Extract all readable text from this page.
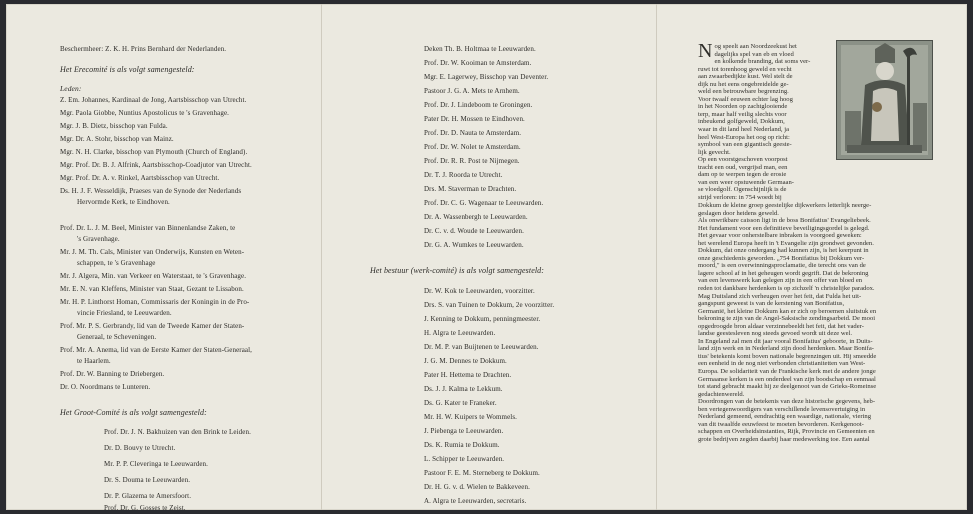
Beschermheer: Z. K. H. Prins Bernhard der Nederlanden.
Het Erecomité is als volgt samengesteld:
Leden:
Z. Em. Johannes, Kardinaal de Jong, Aartsbisschop van Utrecht.
Mgr. Paola Giobbe, Nuntius Apostolicus te 's Gravenhage.
Mgr. J. B. Dietz, bisschop van Fulda.
Mgr. Dr. A. Stohr, bisschop van Mainz.
Mgr. N. H. Clarke, bisschop van Plymouth (Church of England).
Mgr. Prof. Dr. B. J. Alfrink, Aartsbisschop-Coadjutor van Utrecht.
Mgr. Prof. Dr. A. v. Rinkel, Aartsbisschop van Utrecht.
Ds. H. J. F. Wesseldijk, Praeses van de Synode der Nederlands
Hervormde Kerk, te Eindhoven.
Prof. Dr. L. J. M. Beel, Minister van Binnenlandse Zaken, te
's Gravenhage.
Mr. J. M. Th. Cals, Minister van Onderwijs, Kunsten en Weten-
schappen, te 's Gravenhage
Mr. J. Algera, Min. van Verkeer en Waterstaat, te 's Gravenhage.
Mr. E. N. van Kleffens, Minister van Staat, Gezant te Lissabon.
Mr. H. P. Linthorst Homan, Commissaris der Koningin in de Pro-
vincie Friesland, te Leeuwarden.
Prof. Mr. P. S. Gerbrandy, lid van de Tweede Kamer der Staten-
Generaal, te Scheveningen.
Prof. Mr. A. Anema, lid van de Eerste Kamer der Staten-Generaal,
te Haarlem.
Prof. Dr. W. Banning te Driebergen.
Dr. O. Noordmans te Lunteren.
Het Groot-Comité is als volgt samengesteld:
Prof. Dr. J. N. Bakhuizen van den Brink te Leiden.
Dr. D. Bouvy te Utrecht.
Mr. P. P. Cleveringa te Leeuwarden.
Dr. S. Douma te Leeuwarden.
Dr. P. Glazema te Amersfoort.
Prof. Dr. G. Gosses te Zeist.
Deken Th. B. Holtmaa te Leeuwarden.
Prof. Dr. W. Kooiman te Amsterdam.
Mgr. E. Lagerwey, Bisschop van Deventer.
Pastoor J. G. A. Mets te Arnhem.
Prof. Dr. J. Lindeboom te Groningen.
Pater Dr. H. Mossen te Eindhoven.
Prof. Dr. D. Nauta te Amsterdam.
Prof. Dr. W. Nolet te Amsterdam.
Prof. Dr. R. R. Post te Nijmegen.
Dr. T. J. Roorda te Utrecht.
Drs. M. Staverman te Drachten.
Prof. Dr. C. G. Wagenaar te Leeuwarden.
Dr. A. Wassenbergh te Leeuwarden.
Dr. C. v. d. Woude te Leeuwarden.
Dr. G. A. Wumkes te Leeuwarden.
Het bestuur (werk-comité) is als volgt samengesteld:
Dr. W. Kok te Leeuwarden, voorzitter.
Drs. S. van Tuinen te Dokkum, 2e voorzitter.
J. Kenning te Dokkum, penningmeester.
H. Algra te Leeuwarden.
Dr. M. P. van Buijtenen te Leeuwarden.
J. G. M. Dennes te Dokkum.
Pater H. Hettema te Drachten.
Ds. J. J. Kalma te Lekkum.
Ds. G. Kater te Franeker.
Mr. H. W. Kuipers te Wommels.
J. Piebenga te Leeuwarden.
Ds. K. Rumia te Dokkum.
L. Schipper te Leeuwarden.
Pastoor F. E. M. Sterneberg te Dokkum.
Dr. H. G. v. d. Wielen te Bakkeveen.
A. Algra te Leeuwarden, secretaris.
N og speelt aan Noordzeekust het
dagelijks spel van eb en vloed
en kolkende branding, dat soms ver-
ruwt tot torenhoog geweld en vecht
aan zwaarbedijkte kust. Wel stelt de
dijk nu het eens ongebreidelde ge-
weld een betrouwbare begrenzing.
Voor twaalf eeuwen echter lag hoog
in het Noorden op zachtglooiende
terp, maar half veilig slechts voor
inbeukend golfgeweld, Dokkum,
waar in dit land heel Nederland, ja
heel West-Europa het oog op richt:
symbool van een gigantisch geeste-
lijk gevecht.
Op een voorstgeschoven voorpost
tracht een oud, vergrijsd man, een
dam op te werpen tegen de erosie
van een weer opstuwende Germaan-
se vloedgolf. Ogenschijnlijk is de
strijd verloren: in 754 woedt bij
Dokkum de kleine groep geestelijke dijkwerkers letterlijk neerge-
geslagen door heidens geweld.
Als onwrikbare caisson ligt in de boss Bonifatius' Evangeliebeek.
Het fundament voor een definitieve beveiligingsgordel is gelegd.
Het gevaar voor onherstelbare inbraken is voorgoed geweken:
het werelend Europa heeft in 't Evangelie zijn grondwet gevonden.
Dokkum, dat onze ondergang had kunnen zijn, is het keerpunt in
onze geschiedenis geworden. „754 Bonifatius bij Dokkum ver-
moord," is een overwinningsproclamatie, die terecht ons van de
lagere school af in het geheugen wordt gegrift. Dat de bekroning
van een levenswerk kan gelegen zijn in een offer van bloed en
reden tot dankbare herdenken is op zichzelf 'n christelijke paradox.
Mag Duitsland zich verheugen over het feit, dat Fulda het uit-
gangspunt geweest is van de kerstening van Bonifatius,
Germanië, het kleine Dokkum kan er zich op beroemen sluitstuk en
bekroning te zijn van de Angel-Saksische zendingsarbeid. De mooi
opgedroogde bron aldaar verzinnebeeldt het feit, dat het vader-
landse geestesleven nog steeds gevoed wordt uit deze wel.
In Engeland zal men dit jaar vooral Bonifatius' geboorte, in Duits-
land zijn werk en in Nederland zijn dood herdenken. Maar Bonifa-
tius' betekenis komt boven nationale begrenzingen uit. Hij smeedde
een eenheid in de nog niet verbonden christianitetten van West-
Europa. De solidariteit van de Frankische kerk met de andere jonge
Germaanse kerken is een onderdeel van zijn boodschap en eenmaal
tot stand gebracht maakt hij ze deelgenoot van de Grieks-Romeinse
gedachtenwereld.
Doordrongen van de betekenis van deze historische gegevens, heb-
ben vertegenwoordigers van verschillende levensovertuiging in
Nederland gemeend, eendrachtig een waardige, nationale, viering
van dit twaalfde eeuwfeest te moeten bevorderen. Kerkgenoot-
schappen en Overheidsinstanties, Rijk, Provincie en Gemeenten en
grote bedrijven zegden daarbij haar medewerking toe. Een aantal
